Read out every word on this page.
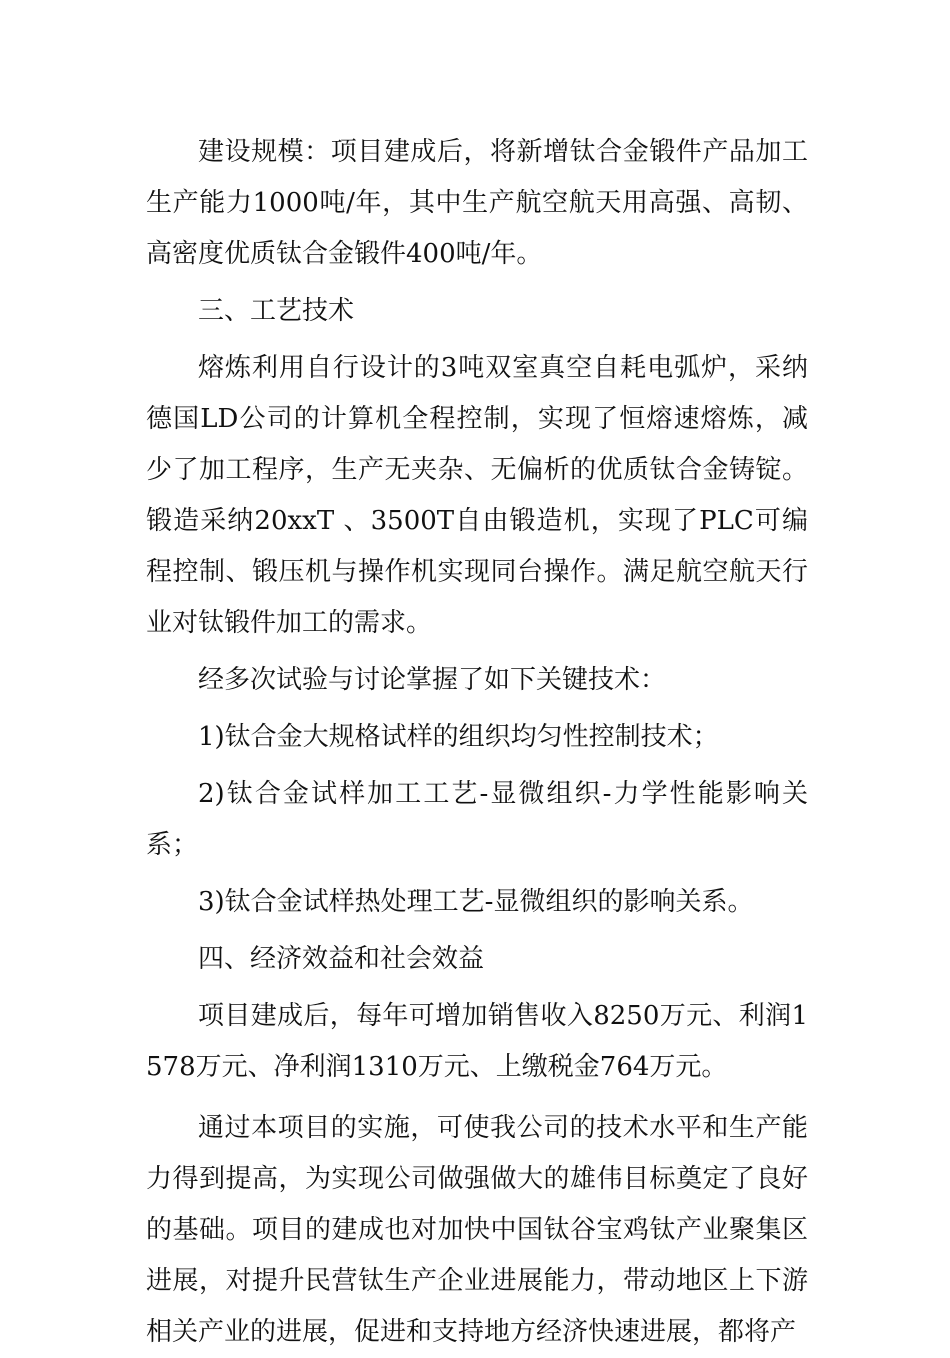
建设规模：项目建成后，将新增钛合金锻件产品加工生产能力1000吨/年，其中生产航空航天用高强、高韧、高密度优质钛合金锻件400吨/年。

三、工艺技术

熔炼利用自行设计的3吨双室真空自耗电弧炉，采纳德国LD公司的计算机全程控制，实现了恒熔速熔炼，减少了加工程序，生产无夹杂、无偏析的优质钛合金铸锭。锻造采纳20xxT 、3500T自由锻造机，实现了PLC可编程控制、锻压机与操作机实现同台操作。满足航空航天行业对钛锻件加工的需求。

经多次试验与讨论掌握了如下关键技术：

1)钛合金大规格试样的组织均匀性控制技术；

2)钛合金试样加工工艺-显微组织-力学性能影响关系；

3)钛合金试样热处理工艺-显微组织的影响关系。

四、经济效益和社会效益

项目建成后，每年可增加销售收入8250万元、利润1578万元、净利润1310万元、上缴税金764万元。

通过本项目的实施，可使我公司的技术水平和生产能力得到提高，为实现公司做强做大的雄伟目标奠定了良好的基础。项目的建成也对加快中国钛谷宝鸡钛产业聚集区进展，对提升民营钛生产企业进展能力，带动地区上下游相关产业的进展，促进和支持地方经济快速进展，都将产
